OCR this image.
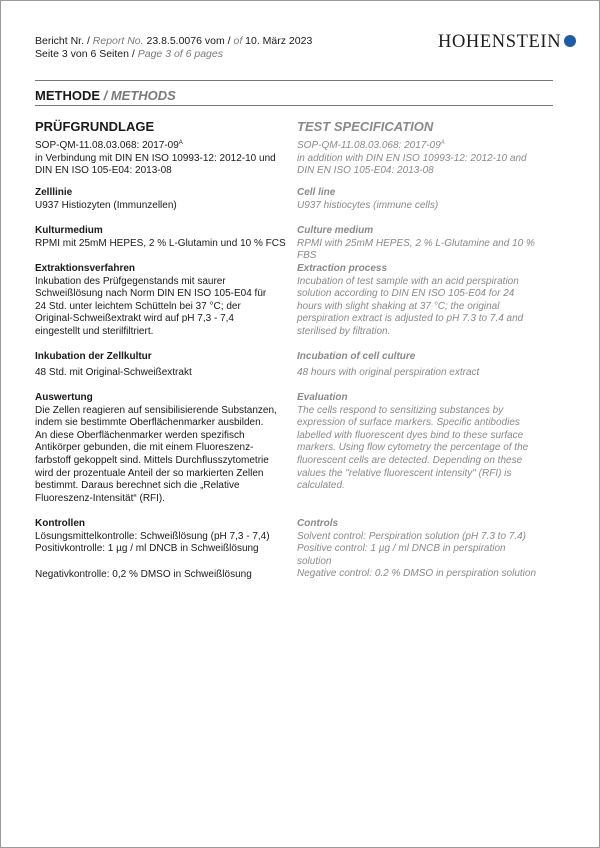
Bericht Nr. / Report No. 23.8.5.0076 vom / of 10. März 2023
Seite 3 von 6 Seiten / Page 3 of 6 pages
HOHENSTEIN
METHODE / METHODS
PRÜFGRUNDLAGE
SOP-QM-11.08.03.068: $2017-09^A$
in Verbindung mit DIN EN ISO 10993-12: 2012-10 und
DIN EN ISO 105-E04: 2013-08
TEST SPECIFICATION
SOP-QM-11.08.03.068: $2017-09^A$
in addition with DIN EN ISO 10993-12: 2012-10 and
DIN EN ISO 105-E04: 2013-08
Zelllinie
U937 Histiozyten (Immunzellen)
Cell line
U937 histiocytes (immune cells)
Kulturmedium
RPMI mit 25mM HEPES, 2 % L-Glutamin und 10 % FCS
Culture medium
RPMI with 25mM HEPES, 2 % L-Glutamine and 10 %
FBS
Extraktionsverfahren
Inkubation des Prüfgegenstands mit saurer
Schweißlösung nach Norm DIN EN ISO 105-E04 für
24 Std. unter leichtem Schütteln bei 37 °C; der
Original-Schweißextrakt wird auf pH 7,3 - 7,4
eingestellt und sterilfiltriert.
Extraction process
Incubation of test sample with an acid perspiration
solution according to DIN EN ISO 105-E04 for 24
hours with slight shaking at 37 °C; the original
perspiration extract is adjusted to pH 7.3 to 7.4 and
sterilised by filtration.
Inkubation der Zellkultur
48 Std. mit Original-Schweißextrakt
Incubation of cell culture
48 hours with original perspiration extract
Auswertung
Die Zellen reagieren auf sensibilisierende Substanzen,
indem sie bestimmte Oberflächenmarker ausbilden.
An diese Oberflächenmarker werden spezifisch
Antikörper gebunden, die mit einem Fluoreszenz-
farbstoff gekoppelt sind. Mittels Durchflusszytometrie
wird der prozentuale Anteil der so markierten Zellen
bestimmt. Daraus berechnet sich die „Relative
Fluoreszenz-Intensität“ (RFI).
Evaluation
The cells respond to sensitizing substances by
expression of surface markers. Specific antibodies
labelled with fluorescent dyes bind to these surface
markers. Using flow cytometry the percentage of the
fluorescent cells are detected. Depending on these
values the "relative fluorescent intensity" (RFI) is
calculated.
Kontrollen
Lösungsmittelkontrolle: Schweißlösung (pH 7,3 - 7,4)
Positivkontrolle: 1 µg / ml DNCB in Schweißlösung
Negativkontrolle: 0,2 % DMSO in Schweißlösung
Controls
Solvent control: Perspiration solution (pH 7.3 to 7.4)
Positive control: 1 µg / ml DNCB in perspiration
solution
Negative control: 0.2 % DMSO in perspiration solution
